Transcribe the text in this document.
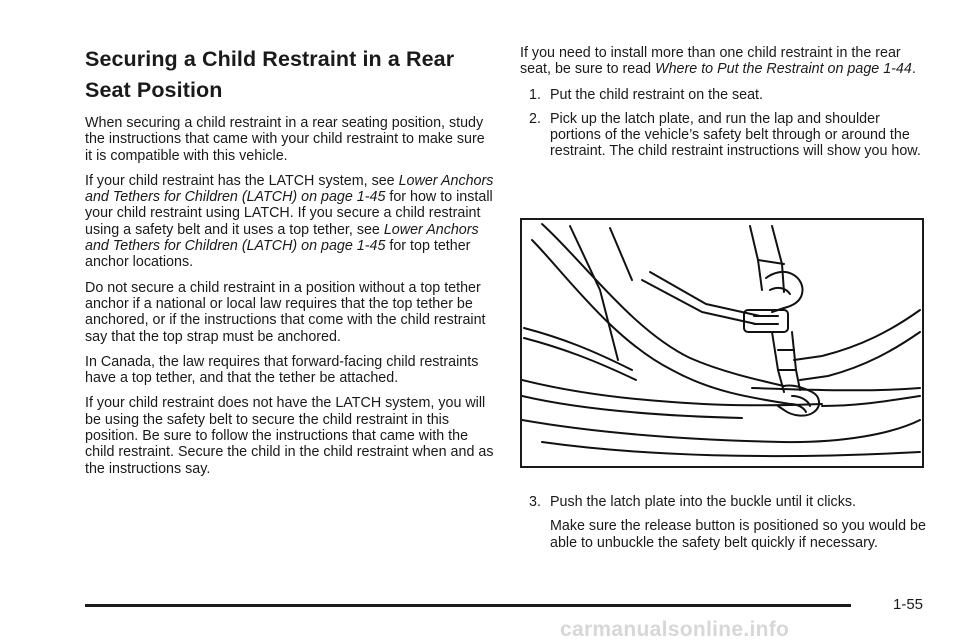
Securing a Child Restraint in a Rear
Seat Position

When securing a child restraint in a rear seating position, study the instructions that came with your child restraint to make sure it is compatible with this vehicle.

If your child restraint has the LATCH system, see Lower Anchors and Tethers for Children (LATCH) on page 1-45 for how to install your child restraint using LATCH. If you secure a child restraint using a safety belt and it uses a top tether, see Lower Anchors and Tethers for Children (LATCH) on page 1-45 for top tether anchor locations.

Do not secure a child restraint in a position without a top tether anchor if a national or local law requires that the top tether be anchored, or if the instructions that come with the child restraint say that the top strap must be anchored.

In Canada, the law requires that forward-facing child restraints have a top tether, and that the tether be attached.

If your child restraint does not have the LATCH system, you will be using the safety belt to secure the child restraint in this position. Be sure to follow the instructions that came with the child restraint. Secure the child in the child restraint when and as the instructions say.

If you need to install more than one child restraint in the rear seat, be sure to read Where to Put the Restraint on page 1-44.

1. Put the child restraint on the seat.
2. Pick up the latch plate, and run the lap and shoulder portions of the vehicle’s safety belt through or around the restraint. The child restraint instructions will show you how.
3. Push the latch plate into the buckle until it clicks.
Make sure the release button is positioned so you would be able to unbuckle the safety belt quickly if necessary.
1-55
carmanualsonline.info
